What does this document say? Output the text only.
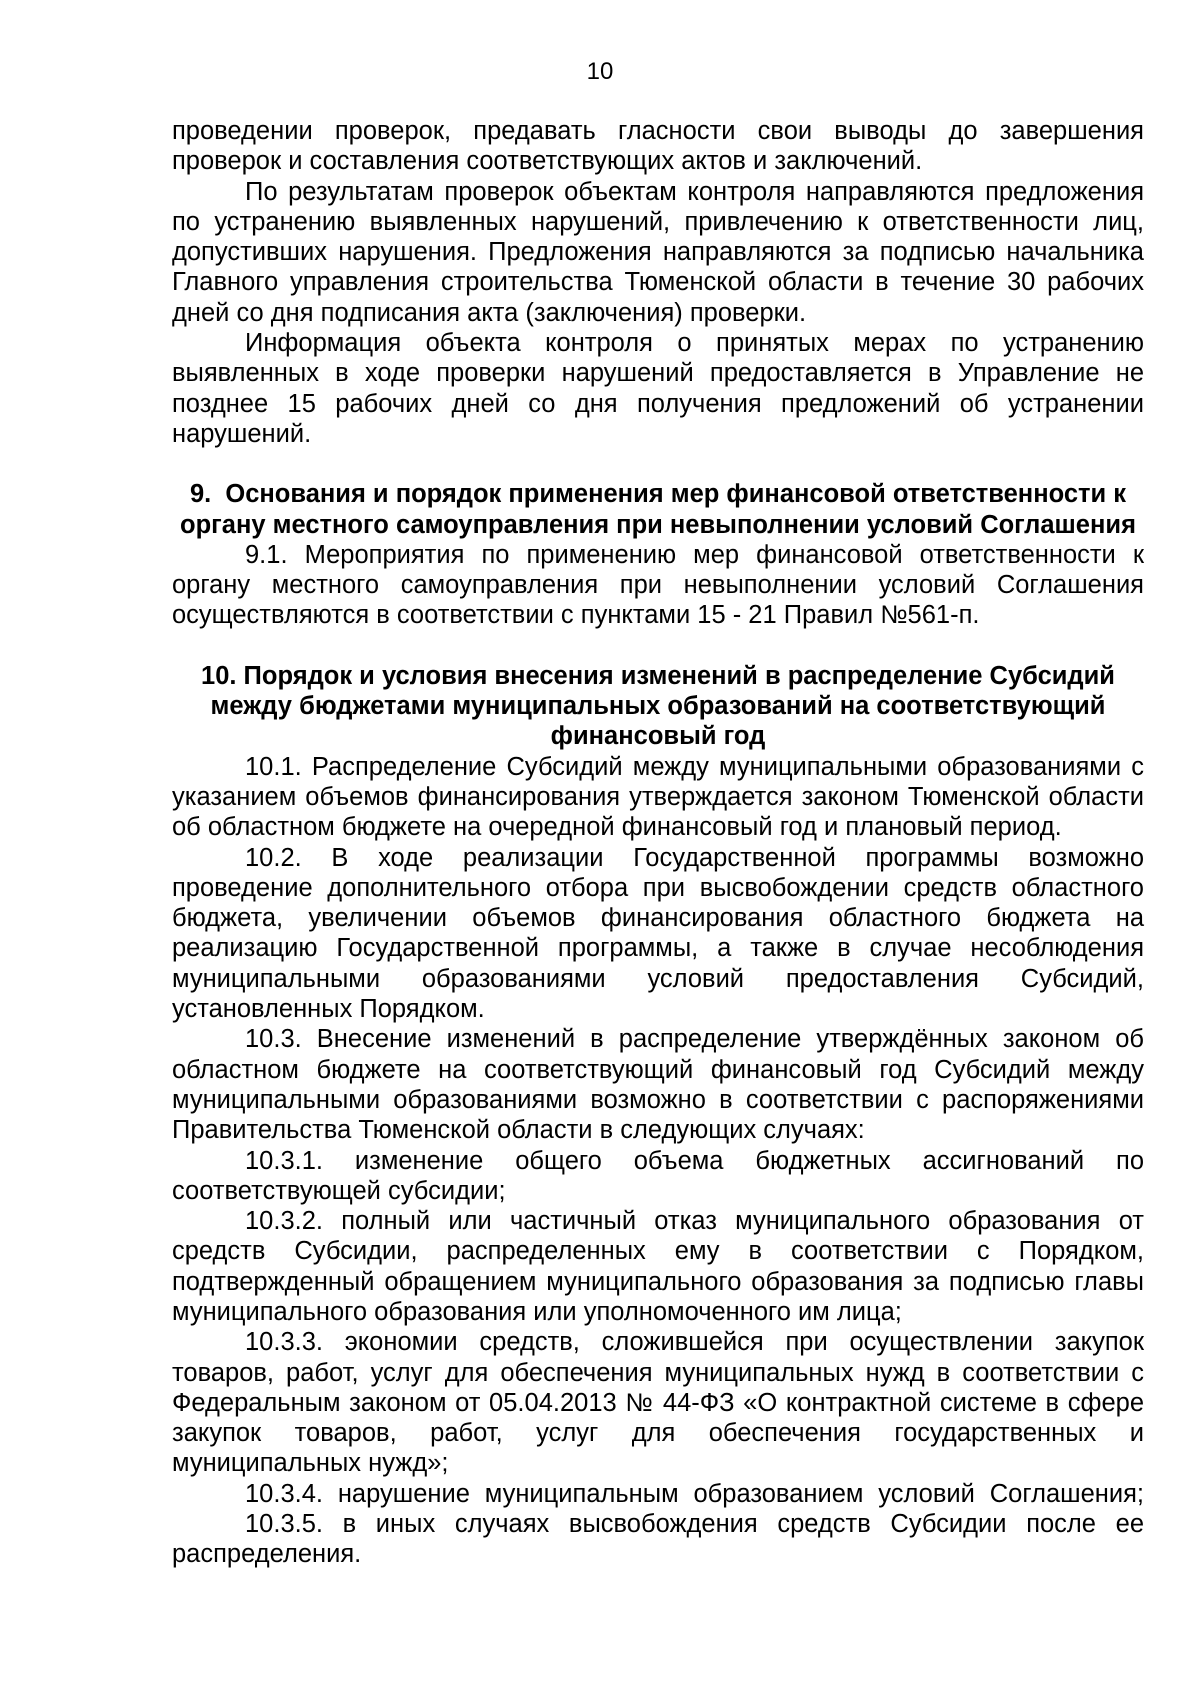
10

проведении проверок, предавать гласности свои выводы до завершения проверок и составления соответствующих актов и заключений.

По результатам проверок объектам контроля направляются предложения по устранению выявленных нарушений, привлечению к ответственности лиц, допустивших нарушения. Предложения направляются за подписью начальника Главного управления строительства Тюменской области в течение 30 рабочих дней со дня подписания акта (заключения) проверки.

Информация объекта контроля о принятых мерах по устранению выявленных в ходе проверки нарушений предоставляется в Управление не позднее 15 рабочих дней со дня получения предложений об устранении нарушений.

9.  Основания и порядок применения мер финансовой ответственности к органу местного самоуправления при невыполнении условий Соглашения

9.1. Мероприятия по применению мер финансовой ответственности к органу местного самоуправления при невыполнении условий Соглашения осуществляются в соответствии с пунктами 15 - 21 Правил №561-п.

10. Порядок и условия внесения изменений в распределение Субсидий между бюджетами муниципальных образований на соответствующий финансовый год

10.1. Распределение Субсидий между муниципальными образованиями с указанием объемов финансирования утверждается законом Тюменской области об областном бюджете на очередной финансовый год и плановый период.

10.2. В ходе реализации Государственной программы возможно проведение дополнительного отбора при высвобождении средств областного бюджета, увеличении объемов финансирования областного бюджета на реализацию Государственной программы, а также в случае несоблюдения муниципальными образованиями условий предоставления Субсидий, установленных Порядком.

10.3. Внесение изменений в распределение утверждённых законом об областном бюджете на соответствующий финансовый год Субсидий между муниципальными образованиями возможно в соответствии с распоряжениями Правительства Тюменской области в следующих случаях:

10.3.1. изменение общего объема бюджетных ассигнований по соответствующей субсидии;

10.3.2. полный или частичный отказ муниципального образования от средств Субсидии, распределенных ему в соответствии с Порядком, подтвержденный обращением муниципального образования за подписью главы муниципального образования или уполномоченного им лица;

10.3.3. экономии средств, сложившейся при осуществлении закупок товаров, работ, услуг для обеспечения муниципальных нужд в соответствии с Федеральным законом от 05.04.2013 № 44-ФЗ «О контрактной системе в сфере закупок товаров, работ, услуг для обеспечения государственных и муниципальных нужд»;

10.3.4. нарушение муниципальным образованием условий Соглашения;

10.3.5. в иных случаях высвобождения средств Субсидии после ее распределения.
